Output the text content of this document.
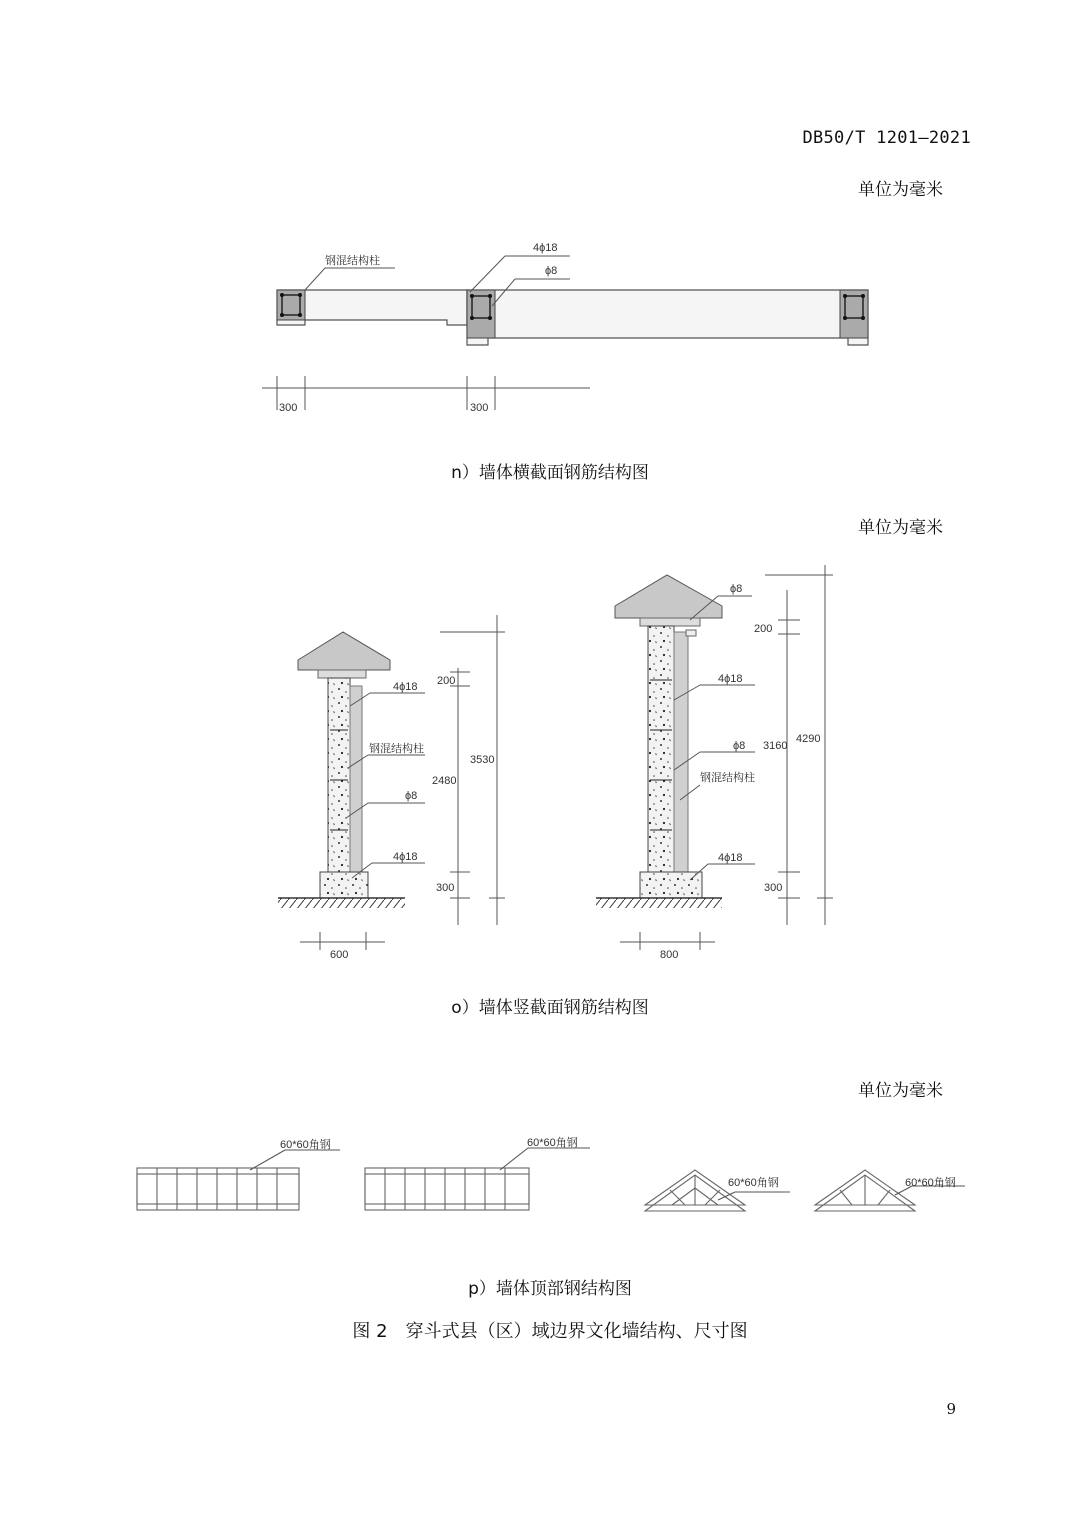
DB50/T 1201—2021
单位为毫米
单位为毫米
单位为毫米
钢混结构柱
4ϕ18
ϕ8
300	300
4ϕ18
钢混结构柱
ϕ8
4ϕ18
200
2480
3530
300
600
ϕ8
4ϕ18
ϕ8
钢混结构柱
4ϕ18
200
3160
4290
300
800
60*60角钢	60*60角钢
60*60角钢	60*60角钢
n）墙体横截面钢筋结构图
o）墙体竖截面钢筋结构图
p）墙体顶部钢结构图
图 2　穿斗式县（区）域边界文化墙结构、尺寸图
9
